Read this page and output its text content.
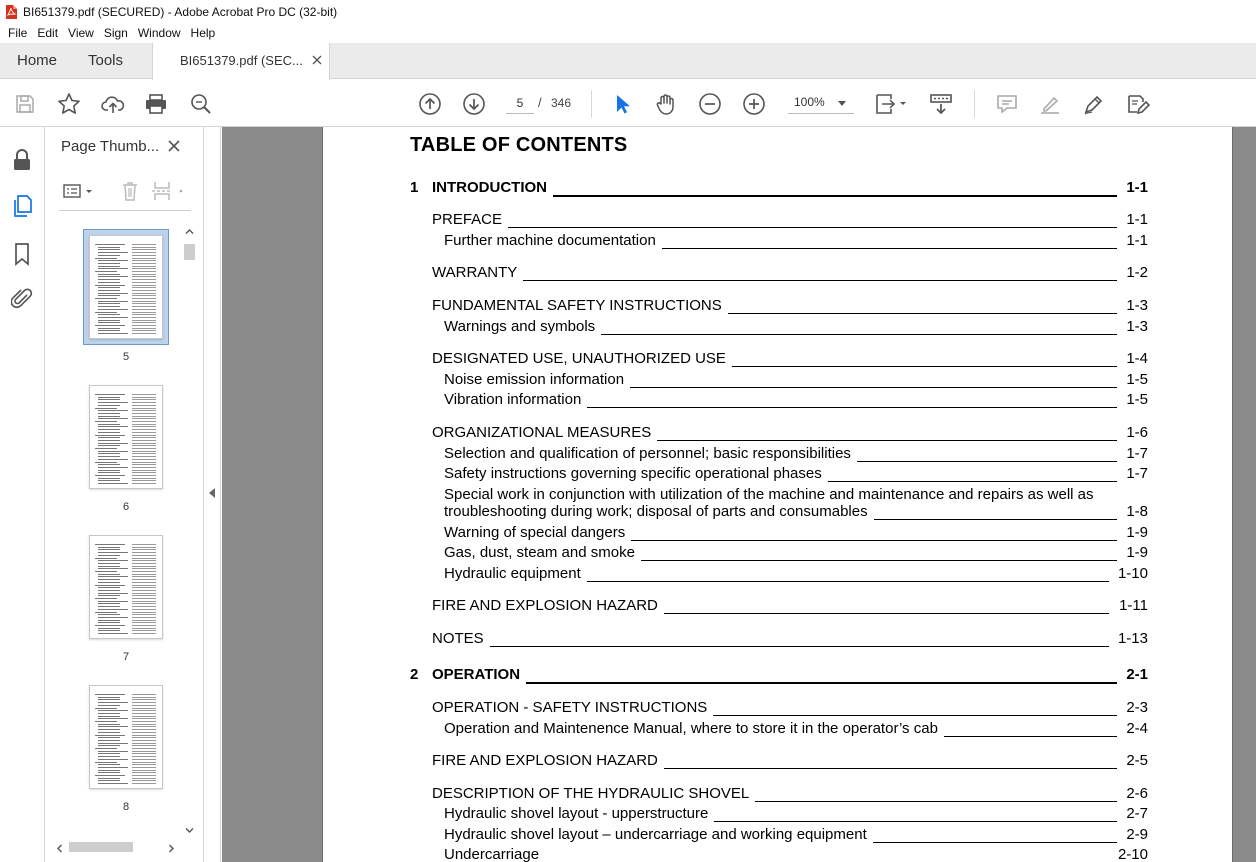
BI651379.pdf (SECURED) - Adobe Acrobat Pro DC (32-bit)
File Edit View Sign Window Help
Home Tools	BI651379.pdf (SEC...
5
/ 346	100%
Page Thumb...
5
6
7
8
TABLE OF CONTENTS
1 INTRODUCTION	1-1
PREFACE	1-1
Further machine documentation	1-1
WARRANTY	1-2
FUNDAMENTAL SAFETY INSTRUCTIONS	1-3
Warnings and symbols	1-3
DESIGNATED USE, UNAUTHORIZED USE	1-4
Noise emission information	1-5
Vibration information	1-5
ORGANIZATIONAL MEASURES	1-6
Selection and qualification of personnel; basic responsibilities	1-7
Safety instructions governing specific operational phases	1-7
Special work in conjunction with utilization of the machine and maintenance and repairs as well as
troubleshooting during work; disposal of parts and consumables	1-8
Warning of special dangers	1-9
Gas, dust, steam and smoke	1-9
Hydraulic equipment	1-10
FIRE AND EXPLOSION HAZARD	1-11
NOTES	1-13
2 OPERATION	2-1
OPERATION - SAFETY INSTRUCTIONS	2-3
Operation and Maintenence Manual, where to store it in the operator’s cab	2-4
FIRE AND EXPLOSION HAZARD	2-5
DESCRIPTION OF THE HYDRAULIC SHOVEL	2-6
Hydraulic shovel layout - upperstructure	2-7
Hydraulic shovel layout – undercarriage and working equipment	2-9
Undercarriage	2-10
